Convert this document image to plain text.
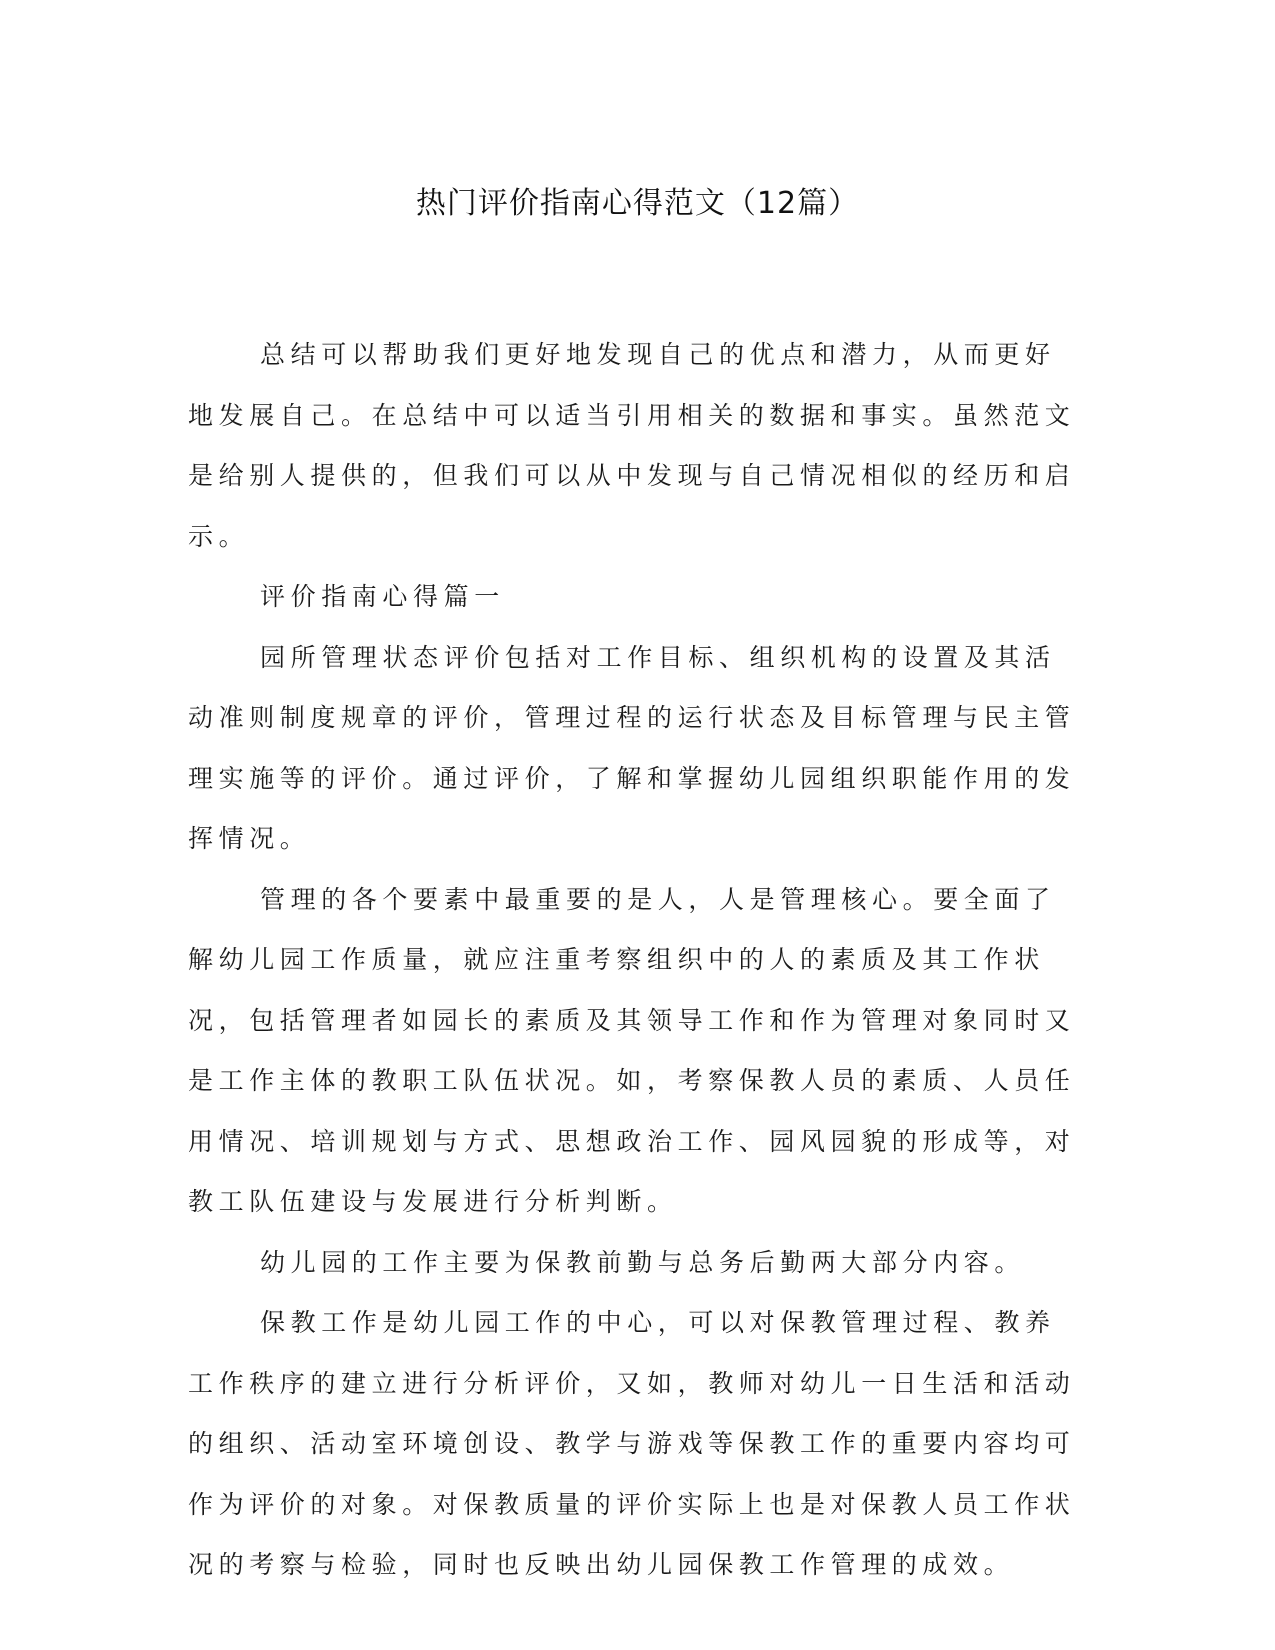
热门评价指南心得范文（12篇）

总结可以帮助我们更好地发现自己的优点和潜力，从而更好地发展自己。在总结中可以适当引用相关的数据和事实。虽然范文是给别人提供的，但我们可以从中发现与自己情况相似的经历和启示。

评价指南心得篇一

园所管理状态评价包括对工作目标、组织机构的设置及其活动准则制度规章的评价，管理过程的运行状态及目标管理与民主管理实施等的评价。通过评价，了解和掌握幼儿园组织职能作用的发挥情况。

管理的各个要素中最重要的是人，人是管理核心。要全面了解幼儿园工作质量，就应注重考察组织中的人的素质及其工作状况，包括管理者如园长的素质及其领导工作和作为管理对象同时又是工作主体的教职工队伍状况。如，考察保教人员的素质、人员任用情况、培训规划与方式、思想政治工作、园风园貌的形成等，对教工队伍建设与发展进行分析判断。

幼儿园的工作主要为保教前勤与总务后勤两大部分内容。

保教工作是幼儿园工作的中心，可以对保教管理过程、教养工作秩序的建立进行分析评价，又如，教师对幼儿一日生活和活动的组织、活动室环境创设、教学与游戏等保教工作的重要内容均可作为评价的对象。对保教质量的评价实际上也是对保教人员工作状况的考察与检验，同时也反映出幼儿园保教工作管理的成效。
